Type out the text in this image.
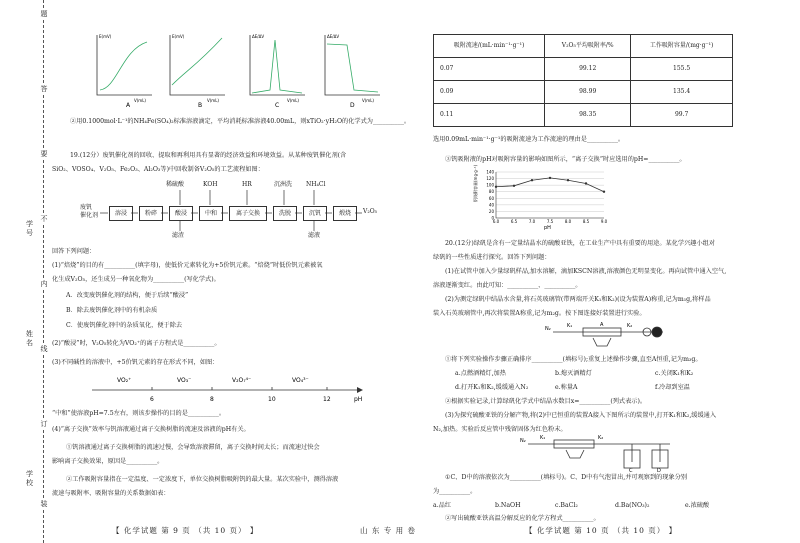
题
答
要
不
内
线
订
装
学号
姓名
学校
A	B	C	D
E(mV)
V(mL)
E(mV)
V(mL)
ΔE/ΔV
V(mL)
ΔE/ΔV
V(mL)
②用0.1000mol·L⁻¹的NH₄Fe(SO₄)₂标准溶液滴定，平均消耗标准溶液40.00mL，则xTiO₂·yH₂O的化学式为__________。
19.(12分）废钒催化剂的回收、提取和再利用具有显著的经济效益和环境效益。从某种废钒催化剂(含
SiO₂、VOSO₄、V₂O₅、Fe₂O₃、Al₂O₃等)中回收制备V₂O₅的工艺流程如图：
废钒
催化剂	溶浸	粉碎	酸浸	中和	离子交换	洗脱	沉钒	煅烧	V₂O₅
稀硫酸	KOH	HR	沉洲洗 NH₄Cl
滤渣	滤液
回答下列问题：
(1)“焙烧”的目的有__________(填字母)，使低价元素转化为+5价钒元素。“焙烧”时低价钒元素被氧
化生成V₂O₅，还生成另一种氧化物为__________(写化学式)。
A．改变废钒催化剂的结构，便于后续“酸浸”
B．除去废钒催化剂中的有机杂质
C．使废钒催化剂中的杂质氧化，便于除去
(2)“酸浸”时，V₂O₅转化为VO₂⁺的离子方程式是__________。
(3)不同碱性的溶液中，+5价钒元素的存在形式不同，如图：
VO₂⁺	VO₃⁻	V₂O₇⁴⁻	VO₄³⁻
6	8	10	12	pH
“中和”使溶液pH=7.5左右，则该步操作的目的是__________。
(4)“离子交换”效率与钒溶液通过离子交换树脂的流速及溶液的pH有关。
①钒溶液通过离子交换树脂的流速过慢，会导致溶液滞留，离子交换时间太长；而流速过快会
影响离子交换效果，原因是__________。
②工作吸附容量指在一定温度、一定浓度下，单位交换树脂吸附钒的最大量。某次实验中，测得溶液
流速与吸附率、吸附容量的关系数据如表：
【 化学试题 第 9 页 （共 10 页） 】	山 东 专 用 卷
吸附流速/(mL·min⁻¹·g⁻¹)	V₂O₅平均吸附率/%	工作吸附容量/(mg·g⁻¹)
0.07	99.12	155.5
0.09	98.99	135.4
0.11	98.35	99.7
选用0.09mL·min⁻¹·g⁻¹的吸附流速为工作流速的理由是__________。
③钒吸附液的pH对吸附容量的影响如图所示，“离子交换”时应选用的pH=__________。
0
20
40
60
80
100
120
140
6.0	6.5	7.0	7.5	8.0	8.5	9.0
钒吸附容量(mg·g⁻¹)
pH
20.(12分)绿矾是含有一定量结晶水的硫酸亚铁，在工业生产中具有重要的用途。某化学兴趣小组对
绿矾的一些性质进行探究。回答下列问题：
(1)在试管中加入少量绿矾样品,加水溶解，滴加KSCN溶液,溶液颜色无明显变化。再向试管中通入空气,
溶液逐渐变红。由此可知：__________、__________。
(2)为测定绿矾中结晶水含量,将石英玻璃管(带两端开关K₁和K₂)(设为装置A)称重,记为m₁g,将样品
装入石英玻璃管中,再次将装置A称重,记为m₂g。按下图连接好装置进行实验。
N₂	K₁	K₂
A
①将下列实验操作步骤正确排序__________(填标号);重复上述操作步骤,直至A恒重,记为m₃g。
a.点燃酒精灯,加热	b.熄灭酒精灯	c.关闭K₁和K₂
d.打开K₁和K₂,缓缓通入N₂	e.称量A	f.冷却到室温
②根据实验记录,计算绿矾化学式中结晶水数目x=__________(列式表示)。
(3)为探究硫酸亚铁的分解产物,将(2)中已恒重的装置A接入下图所示的装置中,打开K₁和K₂,缓缓通入
N₂,加热。实验后反应管中残留固体为红色粉末。
N₂	K₁	K₂
C	D
①C、D中的溶液依次为__________(填标号)。C、D中有气泡冒出,并可观察到的现象分别
为__________。
a.品红	b.NaOH	c.BaCl₂	d.Ba(NO₃)₂	e.浓硫酸
②写出硫酸亚铁高温分解反应的化学方程式__________。
【 化学试题 第 10 页 （共 10 页） 】
